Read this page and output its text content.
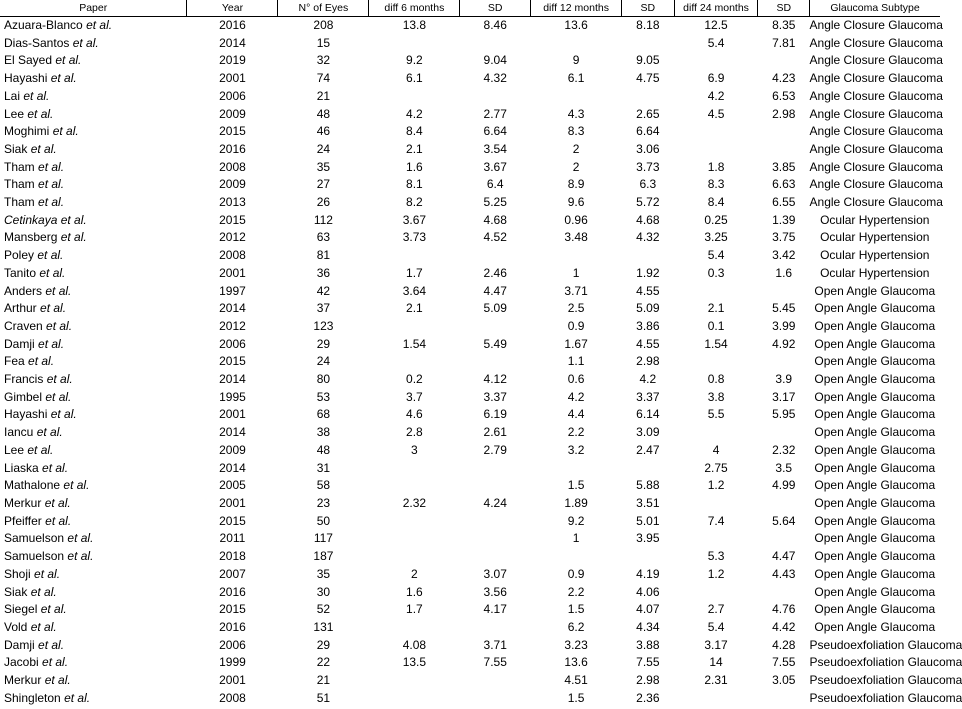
Paper	Year	N° of Eyes	diff 6 months	SD	diff 12 months	SD	diff 24 months	SD	Glaucoma Subtype
Azuara-Blanco et al.	2016	208	13.8	8.46	13.6	8.18	12.5	8.35	Angle Closure Glaucoma
Dias-Santos et al.	2014	15					5.4	7.81	Angle Closure Glaucoma
El Sayed et al.	2019	32	9.2	9.04	9	9.05			Angle Closure Glaucoma
Hayashi et al.	2001	74	6.1	4.32	6.1	4.75	6.9	4.23	Angle Closure Glaucoma
Lai et al.	2006	21					4.2	6.53	Angle Closure Glaucoma
Lee et al.	2009	48	4.2	2.77	4.3	2.65	4.5	2.98	Angle Closure Glaucoma
Moghimi et al.	2015	46	8.4	6.64	8.3	6.64			Angle Closure Glaucoma
Siak et al.	2016	24	2.1	3.54	2	3.06			Angle Closure Glaucoma
Tham et al.	2008	35	1.6	3.67	2	3.73	1.8	3.85	Angle Closure Glaucoma
Tham et al.	2009	27	8.1	6.4	8.9	6.3	8.3	6.63	Angle Closure Glaucoma
Tham et al.	2013	26	8.2	5.25	9.6	5.72	8.4	6.55	Angle Closure Glaucoma
Cetinkaya et al.	2015	112	3.67	4.68	0.96	4.68	0.25	1.39	Ocular Hypertension
Mansberg et al.	2012	63	3.73	4.52	3.48	4.32	3.25	3.75	Ocular Hypertension
Poley et al.	2008	81					5.4	3.42	Ocular Hypertension
Tanito et al.	2001	36	1.7	2.46	1	1.92	0.3	1.6	Ocular Hypertension
Anders et al.	1997	42	3.64	4.47	3.71	4.55			Open Angle Glaucoma
Arthur et al.	2014	37	2.1	5.09	2.5	5.09	2.1	5.45	Open Angle Glaucoma
Craven et al.	2012	123			0.9	3.86	0.1	3.99	Open Angle Glaucoma
Damji et al.	2006	29	1.54	5.49	1.67	4.55	1.54	4.92	Open Angle Glaucoma
Fea et al.	2015	24			1.1	2.98			Open Angle Glaucoma
Francis et al.	2014	80	0.2	4.12	0.6	4.2	0.8	3.9	Open Angle Glaucoma
Gimbel et al.	1995	53	3.7	3.37	4.2	3.37	3.8	3.17	Open Angle Glaucoma
Hayashi et al.	2001	68	4.6	6.19	4.4	6.14	5.5	5.95	Open Angle Glaucoma
Iancu et al.	2014	38	2.8	2.61	2.2	3.09			Open Angle Glaucoma
Lee et al.	2009	48	3	2.79	3.2	2.47	4	2.32	Open Angle Glaucoma
Liaska et al.	2014	31					2.75	3.5	Open Angle Glaucoma
Mathalone et al.	2005	58			1.5	5.88	1.2	4.99	Open Angle Glaucoma
Merkur et al.	2001	23	2.32	4.24	1.89	3.51			Open Angle Glaucoma
Pfeiffer et al.	2015	50			9.2	5.01	7.4	5.64	Open Angle Glaucoma
Samuelson et al.	2011	117			1	3.95			Open Angle Glaucoma
Samuelson et al.	2018	187					5.3	4.47	Open Angle Glaucoma
Shoji et al.	2007	35	2	3.07	0.9	4.19	1.2	4.43	Open Angle Glaucoma
Siak et al.	2016	30	1.6	3.56	2.2	4.06			Open Angle Glaucoma
Siegel et al.	2015	52	1.7	4.17	1.5	4.07	2.7	4.76	Open Angle Glaucoma
Vold et al.	2016	131			6.2	4.34	5.4	4.42	Open Angle Glaucoma
Damji et al.	2006	29	4.08	3.71	3.23	3.88	3.17	4.28	Pseudoexfoliation Glaucoma
Jacobi et al.	1999	22	13.5	7.55	13.6	7.55	14	7.55	Pseudoexfoliation Glaucoma
Merkur et al.	2001	21			4.51	2.98	2.31	3.05	Pseudoexfoliation Glaucoma
Shingleton et al.	2008	51			1.5	2.36			Pseudoexfoliation Glaucoma
